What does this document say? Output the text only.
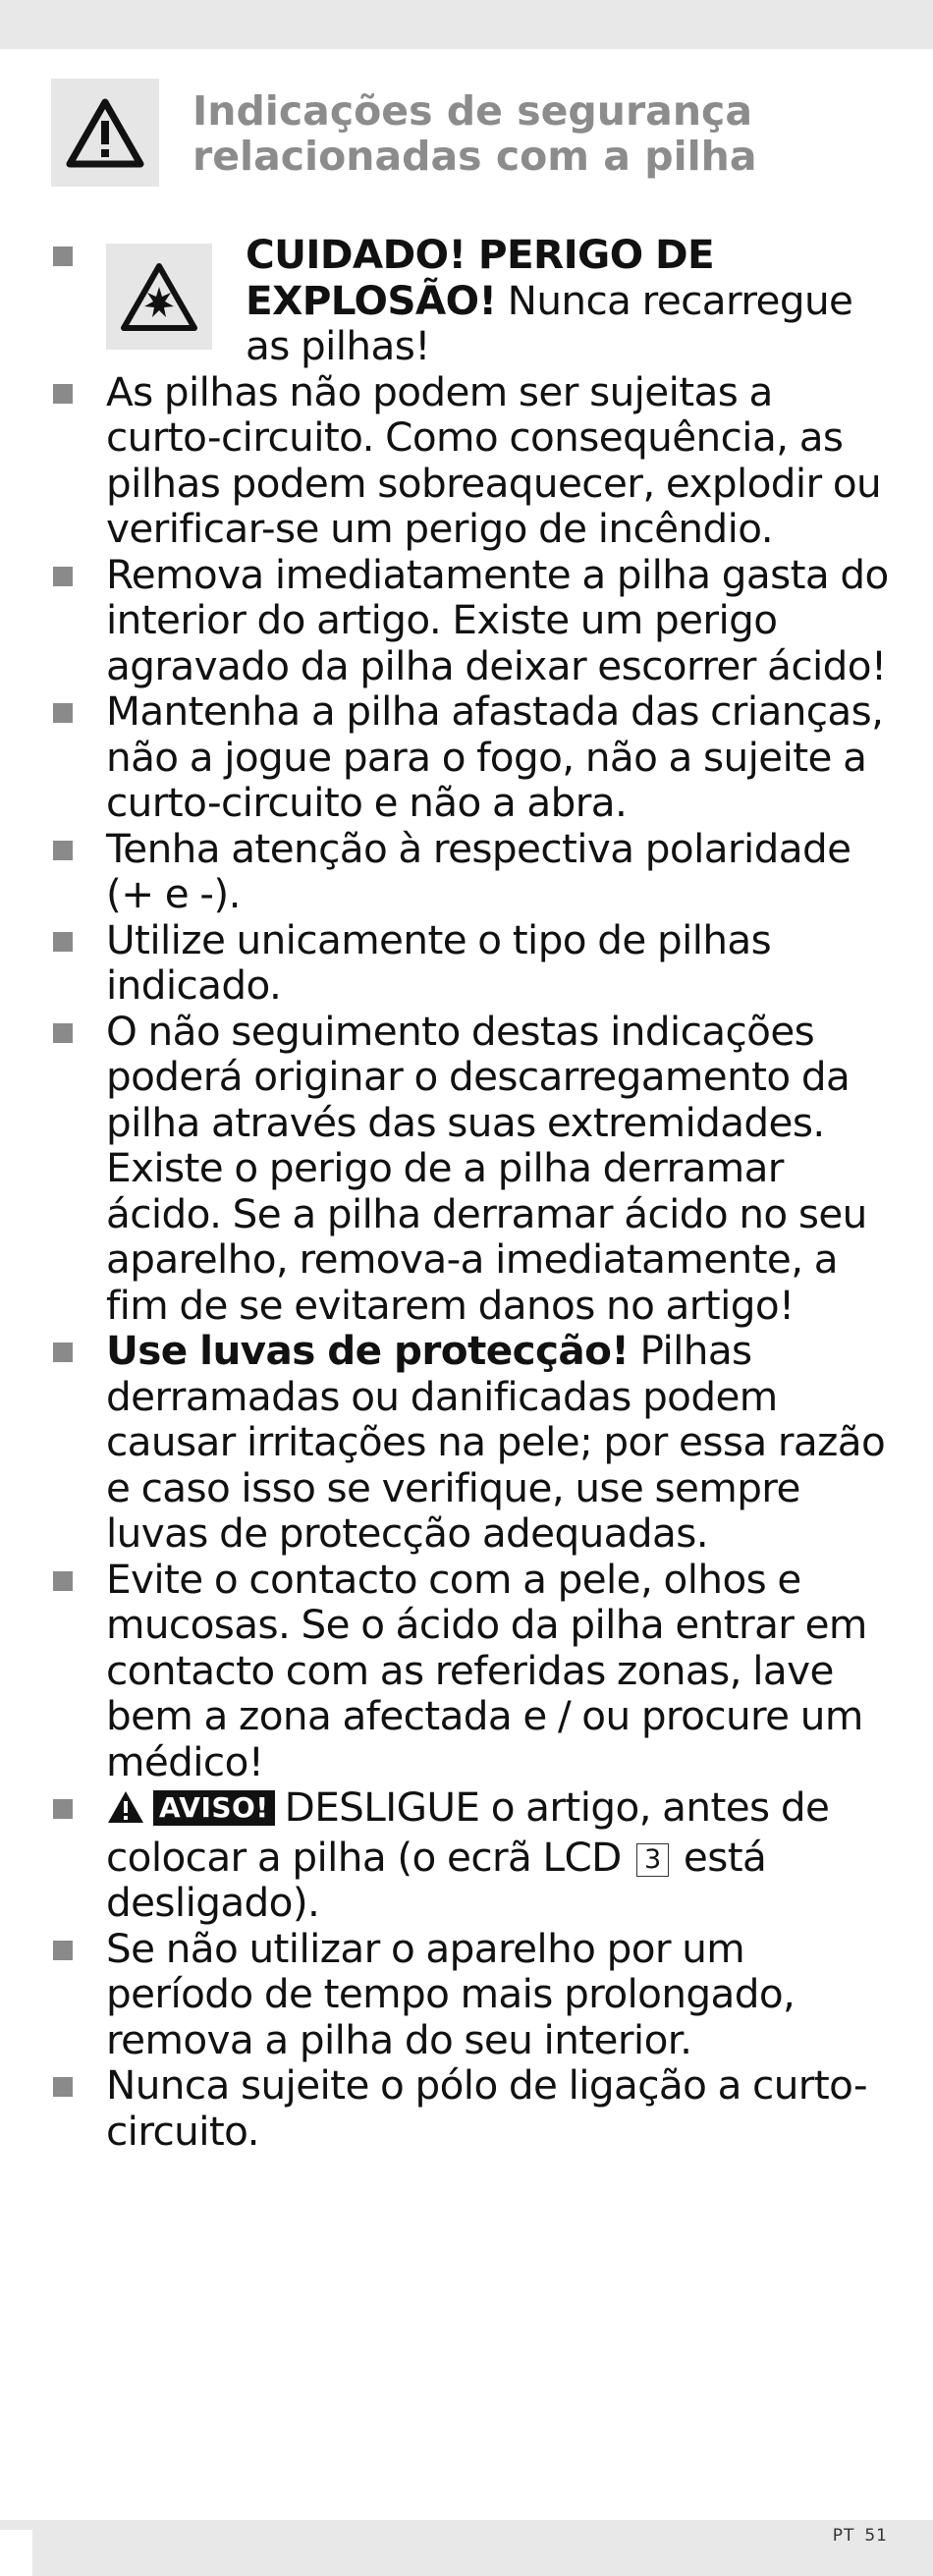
Indicações de segurança
relacionadas com a pilha

CUIDADO! PERIGO DE EXPLOSÃO! Nunca recarregue as pilhas!

As pilhas não podem ser sujeitas a curto-circuito. Como consequência, as pilhas podem sobreaquecer, explodir ou verificar-se um perigo de incêndio.

Remova imediatamente a pilha gasta do interior do artigo. Existe um perigo agravado da pilha deixar escorrer ácido!

Mantenha a pilha afastada das crianças, não a jogue para o fogo, não a sujeite a curto-circuito e não a abra.

Tenha atenção à respectiva polaridade (+ e -).

Utilize unicamente o tipo de pilhas indicado.

O não seguimento destas indicações poderá originar o descarregamento da pilha através das suas extremidades. Existe o perigo de a pilha derramar ácido. Se a pilha derramar ácido no seu aparelho, remova-a imediatamente, a fim de se evitarem danos no artigo!

Use luvas de protecção! Pilhas derramadas ou danificadas podem causar irritações na pele; por essa razão e caso isso se verifique, use sempre luvas de protecção adequadas.

Evite o contacto com a pele, olhos e mucosas. Se o ácido da pilha entrar em contacto com as referidas zonas, lave bem a zona afectada e / ou procure um médico!

AVISO! DESLIGUE o artigo, antes de colocar a pilha (o ecrã LCD 3 está desligado).

Se não utilizar o aparelho por um período de tempo mais prolongado, remova a pilha do seu interior.

Nunca sujeite o pólo de ligação a curto-circuito.

PT 51
